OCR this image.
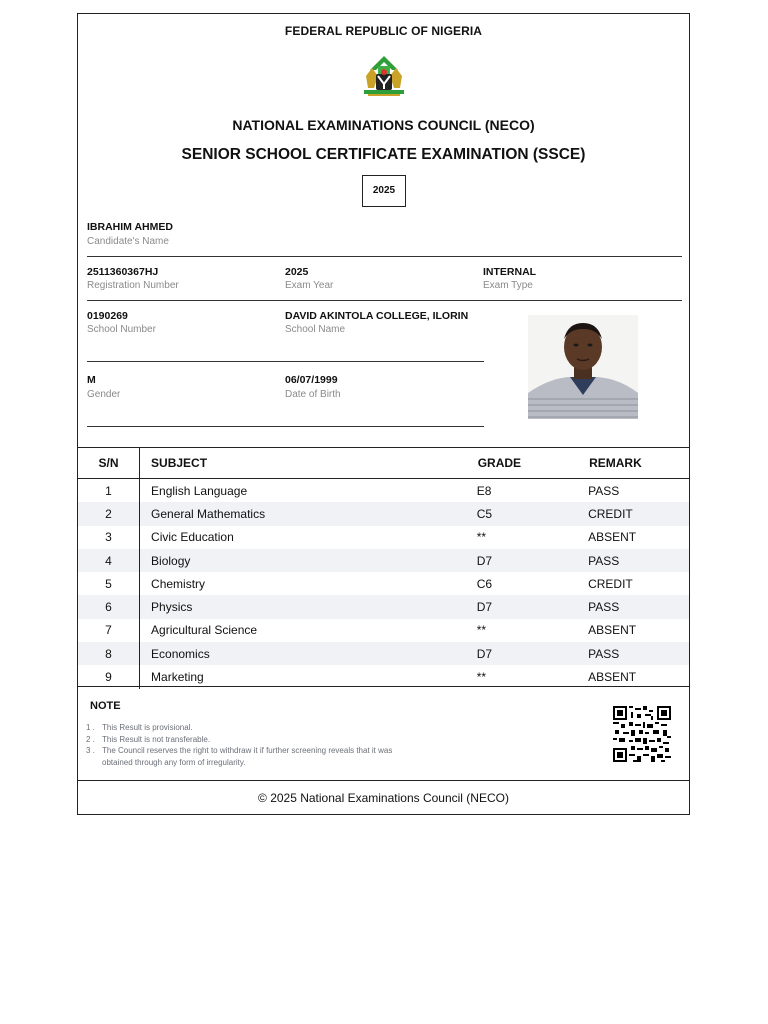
FEDERAL REPUBLIC OF NIGERIA
NATIONAL EXAMINATIONS COUNCIL (NECO)
SENIOR SCHOOL CERTIFICATE EXAMINATION (SSCE)
2025
IBRAHIM AHMED
Candidate's Name
2511360367HJ
Registration Number
2025
Exam Year
INTERNAL
Exam Type
0190269
School Number
DAVID AKINTOLA COLLEGE, ILORIN
School Name
M
Gender
06/07/1999
Date of Birth
S/N	SUBJECT	GRADE	REMARK
1	English Language	E8	PASS
2	General Mathematics	C5	CREDIT
3	Civic Education	**	ABSENT
4	Biology	D7	PASS
5	Chemistry	C6	CREDIT
6	Physics	D7	PASS
7	Agricultural Science	**	ABSENT
8	Economics	D7	PASS
9	Marketing	**	ABSENT
NOTE
1 . This Result is provisional.
2 . This Result is not transferable.
3 . The Council reserves the right to withdraw it if further screening reveals that it was obtained through any form of irregularity.
© 2025 National Examinations Council (NECO)
